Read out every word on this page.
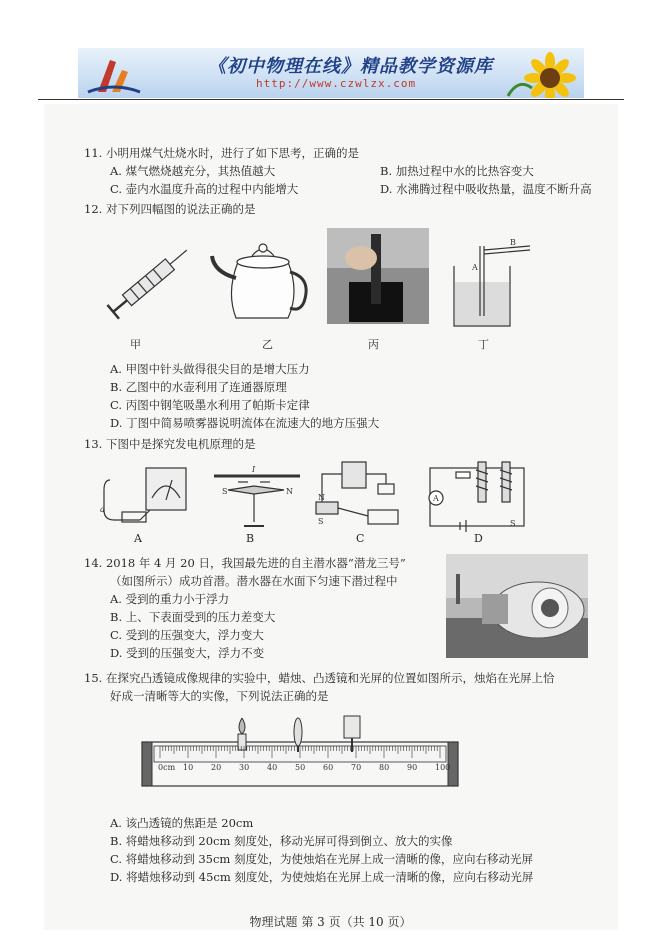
《初中物理在线》精品教学资源库
http://www.czwlzx.com
11. 小明用煤气灶烧水时，进行了如下思考，正确的是
A. 煤气燃烧越充分，其热值越大	B. 加热过程中水的比热容变大
C. 壶内水温度升高的过程中内能增大	D. 水沸腾过程中吸收热量，温度不断升高
12. 对下列四幅图的说法正确的是
甲	乙	丙
B
A
丁
A. 甲图中针头做得很尖目的是增大压力
B. 乙图中的水壶利用了连通器原理
C. 丙图中钢笔吸墨水利用了帕斯卡定律
D. 丁图中简易喷雾器说明流体在流速大的地方压强大
13. 下图中是探究发电机原理的是
a
A
I
S	N
B
N
S
C
A
S
D
14. 2018 年 4 月 20 日，我国最先进的自主潜水器“潜龙三号”
（如图所示）成功首潜。潜水器在水面下匀速下潜过程中
A. 受到的重力小于浮力
B. 上、下表面受到的压力差变大
C. 受到的压强变大，浮力变大
D. 受到的压强变大，浮力不变
15. 在探究凸透镜成像规律的实验中，蜡烛、凸透镜和光屏的位置如图所示，烛焰在光屏上恰
好成一清晰等大的实像，下列说法正确的是
0cm 10 20 30 40 50 60 70 80 90 100
A. 该凸透镜的焦距是 20cm
B. 将蜡烛移动到 20cm 刻度处，移动光屏可得到倒立、放大的实像
C. 将蜡烛移动到 35cm 刻度处，为使烛焰在光屏上成一清晰的像，应向右移动光屏
D. 将蜡烛移动到 45cm 刻度处，为使烛焰在光屏上成一清晰的像，应向右移动光屏
物理试题 第 3 页（共 10 页）
